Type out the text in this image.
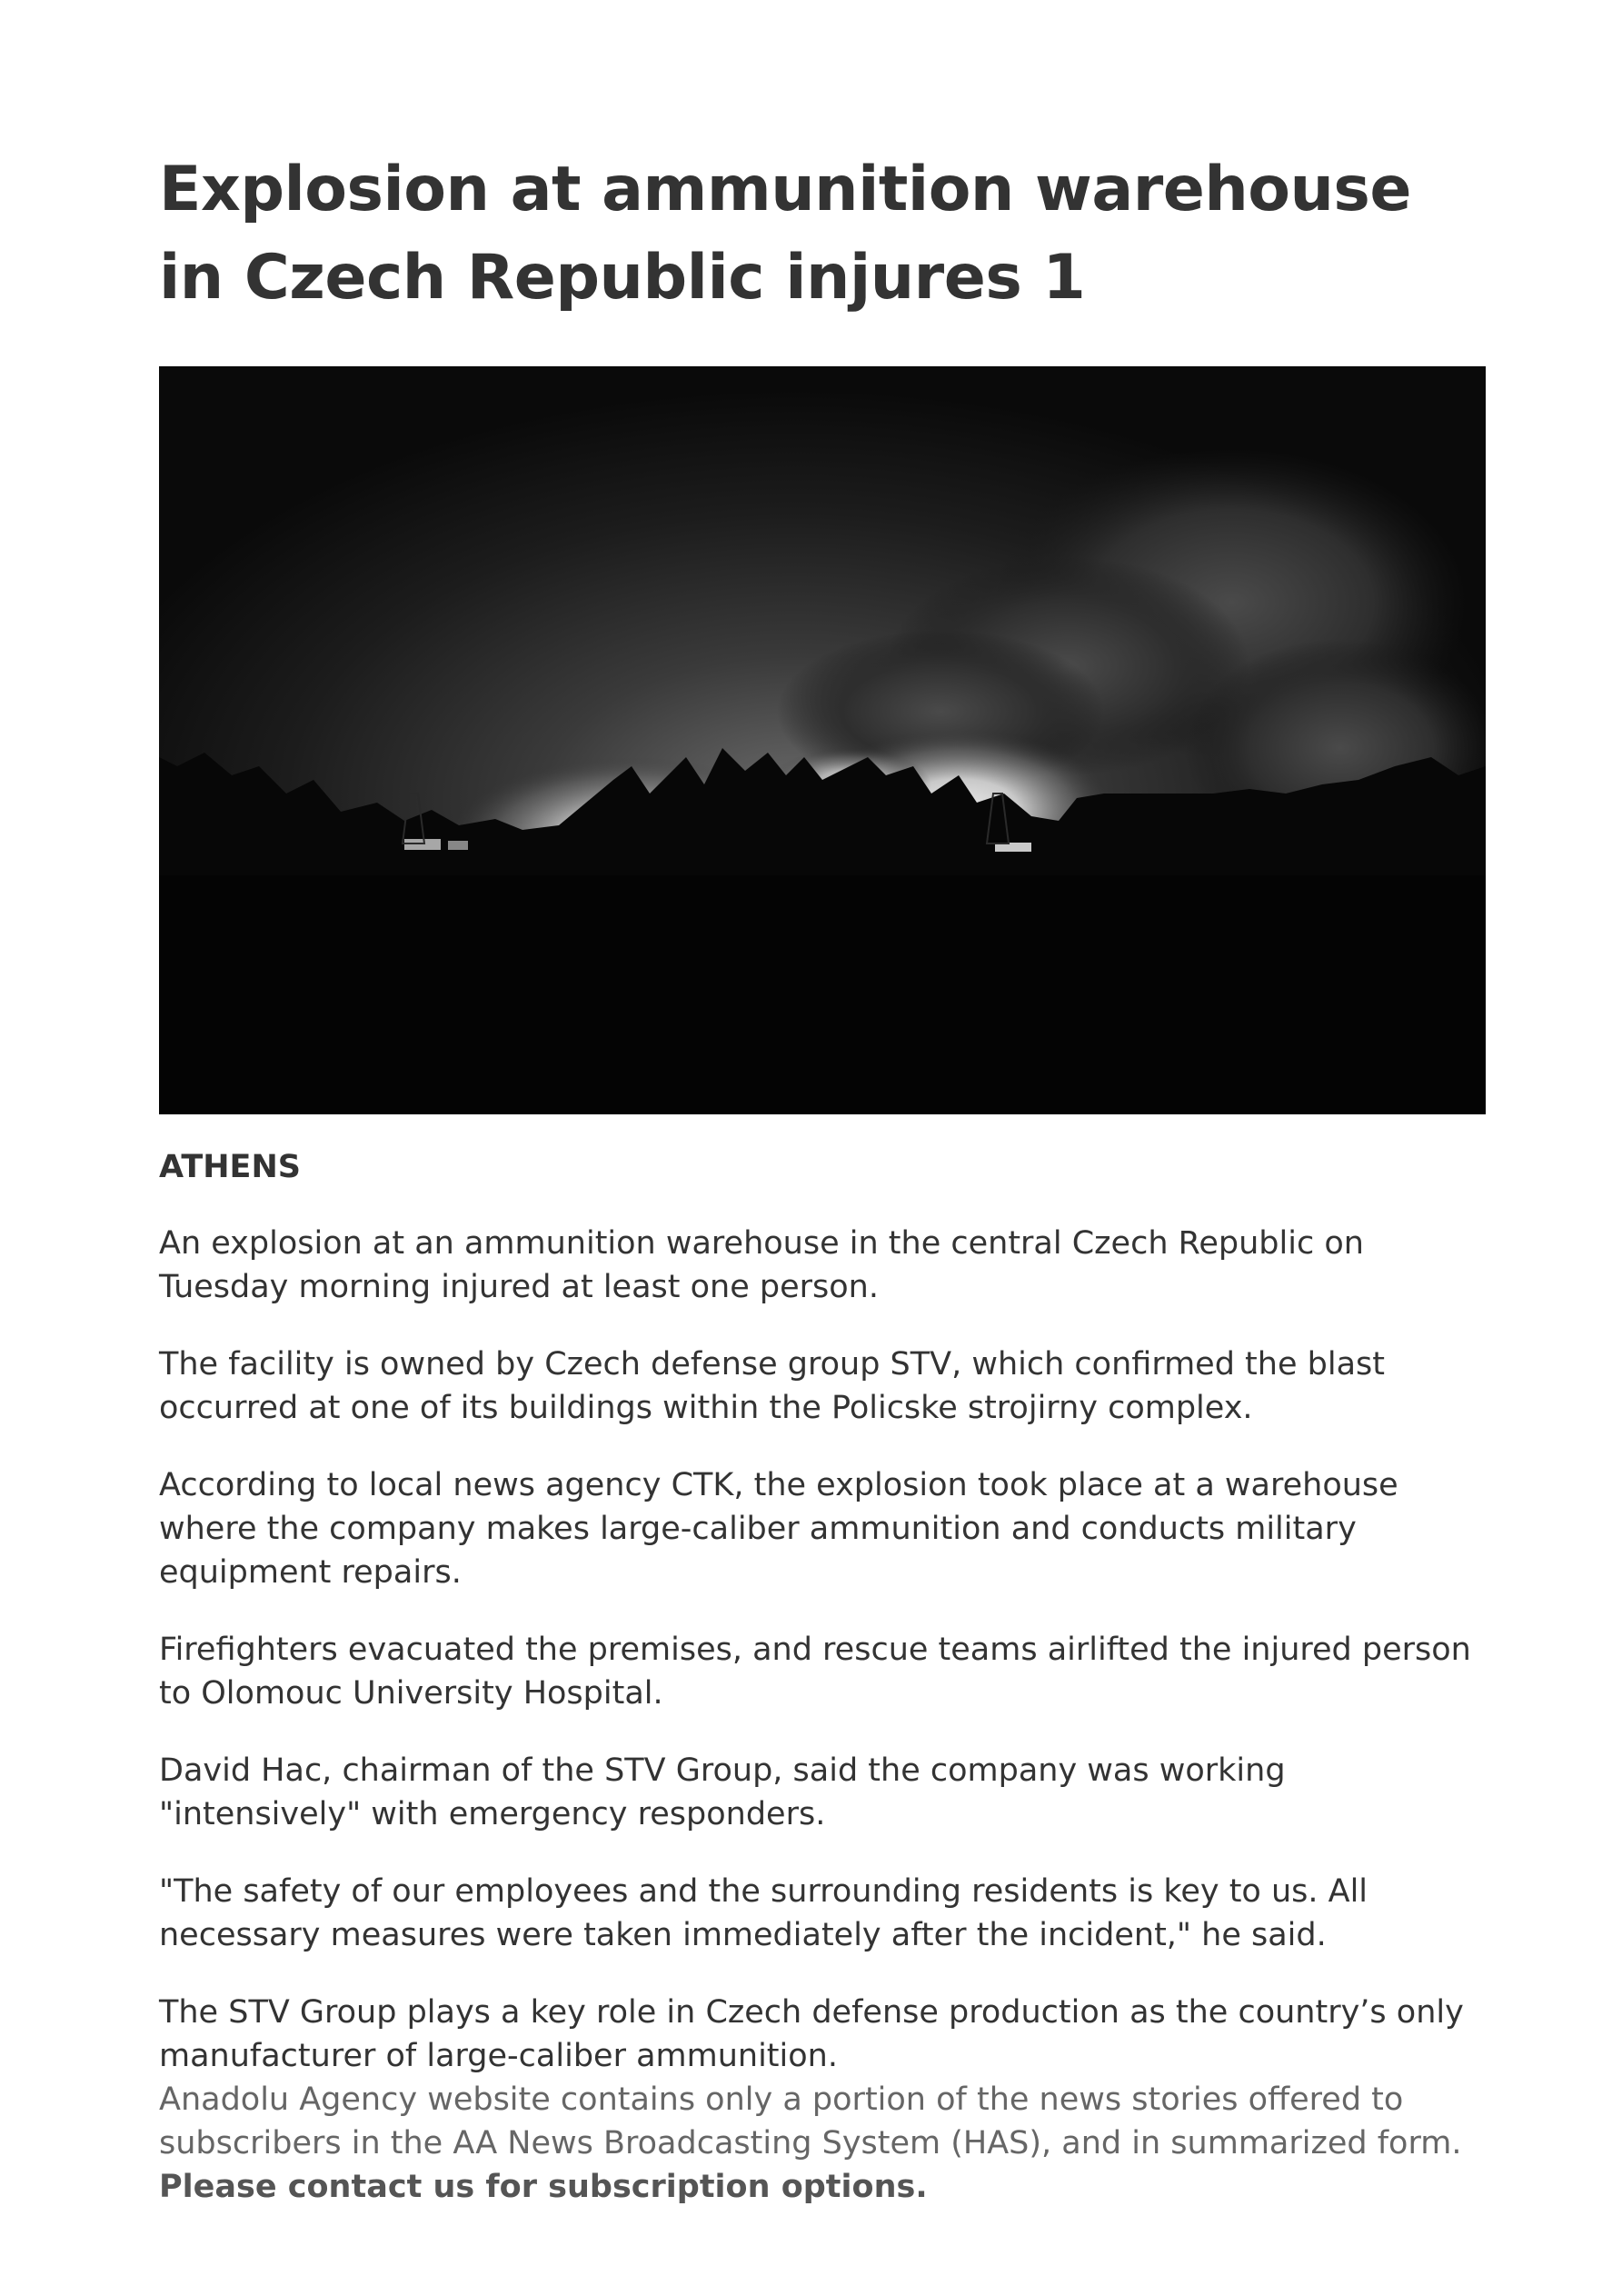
Explosion at ammunition warehouse in Czech Republic injures 1

ATHENS

An explosion at an ammunition warehouse in the central Czech Republic on Tuesday morning injured at least one person.

The facility is owned by Czech defense group STV, which confirmed the blast occurred at one of its buildings within the Policske strojirny complex.

According to local news agency CTK, the explosion took place at a warehouse where the company makes large-caliber ammunition and conducts military equipment repairs.

Firefighters evacuated the premises, and rescue teams airlifted the injured person to Olomouc University Hospital.

David Hac, chairman of the STV Group, said the company was working "intensively" with emergency responders.

"The safety of our employees and the surrounding residents is key to us. All necessary measures were taken immediately after the incident," he said.

The STV Group plays a key role in Czech defense production as the country’s only manufacturer of large-caliber ammunition.

Anadolu Agency website contains only a portion of the news stories offered to subscribers in the AA News Broadcasting System (HAS), and in summarized form.

Please contact us for subscription options.
